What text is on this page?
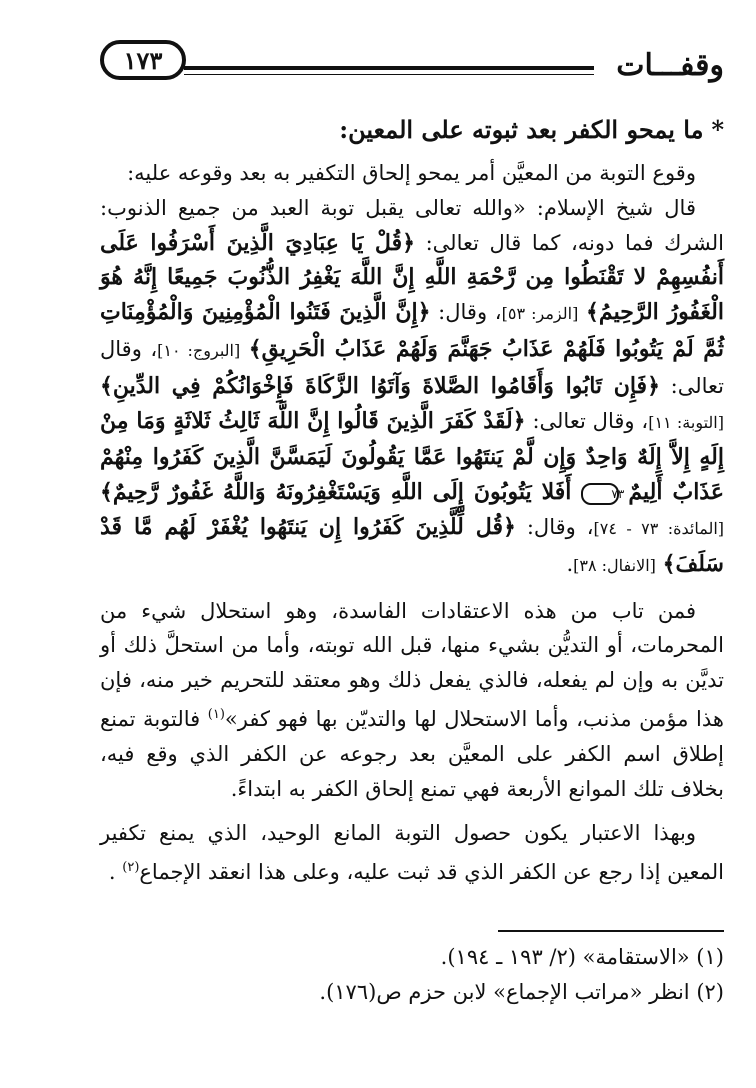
وقفـــات
١٧٣
*ما يمحو الكفر بعد ثبوته على المعين:

وقوع التوبة من المعيَّن أمر يمحو إلحاق التكفير به بعد وقوعه عليه:

قال شيخ الإسلام: «والله تعالى يقبل توبة العبد من جميع الذنوب: الشرك فما دونه، كما قال تعالى: ﴿قُلْ يَا عِبَادِيَ الَّذِينَ أَسْرَفُوا عَلَى أَنفُسِهِمْ لا تَقْنَطُوا مِن رَّحْمَةِ اللَّهِ إِنَّ اللَّهَ يَغْفِرُ الذُّنُوبَ جَمِيعًا إِنَّهُ هُوَ الْغَفُورُ الرَّحِيمُ﴾ [الزمر: ٥٣]، وقال: ﴿إِنَّ الَّذِينَ فَتَنُوا الْمُؤْمِنِينَ وَالْمُؤْمِنَاتِ ثُمَّ لَمْ يَتُوبُوا فَلَهُمْ عَذَابُ جَهَنَّمَ وَلَهُمْ عَذَابُ الْحَرِيقِ﴾ [البروج: ١٠]، وقال تعالى: ﴿فَإِن تَابُوا وَأَقَامُوا الصَّلاةَ وَآتَوُا الزَّكَاةَ فَإِخْوَانُكُمْ فِي الدِّينِ﴾ [التوبة: ١١]، وقال تعالى: ﴿لَقَدْ كَفَرَ الَّذِينَ قَالُوا إِنَّ اللَّهَ ثَالِثُ ثَلاثَةٍ وَمَا مِنْ إِلَهٍ إِلاَّ إِلَهٌ وَاحِدٌ وَإِن لَّمْ يَنتَهُوا عَمَّا يَقُولُونَ لَيَمَسَّنَّ الَّذِينَ كَفَرُوا مِنْهُمْ عَذَابٌ أَلِيمٌ ٧٣ أَفَلا يَتُوبُونَ إِلَى اللَّهِ وَيَسْتَغْفِرُونَهُ وَاللَّهُ غَفُورٌ رَّحِيمٌ﴾ [المائدة: ٧٣ - ٧٤]، وقال: ﴿قُل لِّلَّذِينَ كَفَرُوا إِن يَنتَهُوا يُغْفَرْ لَهُم مَّا قَدْ سَلَفَ﴾ [الانفال: ٣٨].

فمن تاب من هذه الاعتقادات الفاسدة، وهو استحلال شيء من المحرمات، أو التديُّن بشيء منها، قبل الله توبته، وأما من استحلَّ ذلك أو تديَّن به وإن لم يفعله، فالذي يفعل ذلك وهو معتقد للتحريم خير منه، فإن هذا مؤمن مذنب، وأما الاستحلال لها والتديّن بها فهو كفر»$^{(١)}$ فالتوبة تمنع إطلاق اسم الكفر على المعيَّن بعد رجوعه عن الكفر الذي وقع فيه، بخلاف تلك الموانع الأربعة فهي تمنع إلحاق الكفر به ابتداءً.

وبهذا الاعتبار يكون حصول التوبة المانع الوحيد، الذي يمنع تكفير المعين إذا رجع عن الكفر الذي قد ثبت عليه، وعلى هذا انعقد الإجماع$^{(٢)}$ .

(١) «الاستقامة» (٢/ ١٩٣ ـ ١٩٤).

(٢) انظر «مراتب الإجماع» لابن حزم ص(١٧٦).
